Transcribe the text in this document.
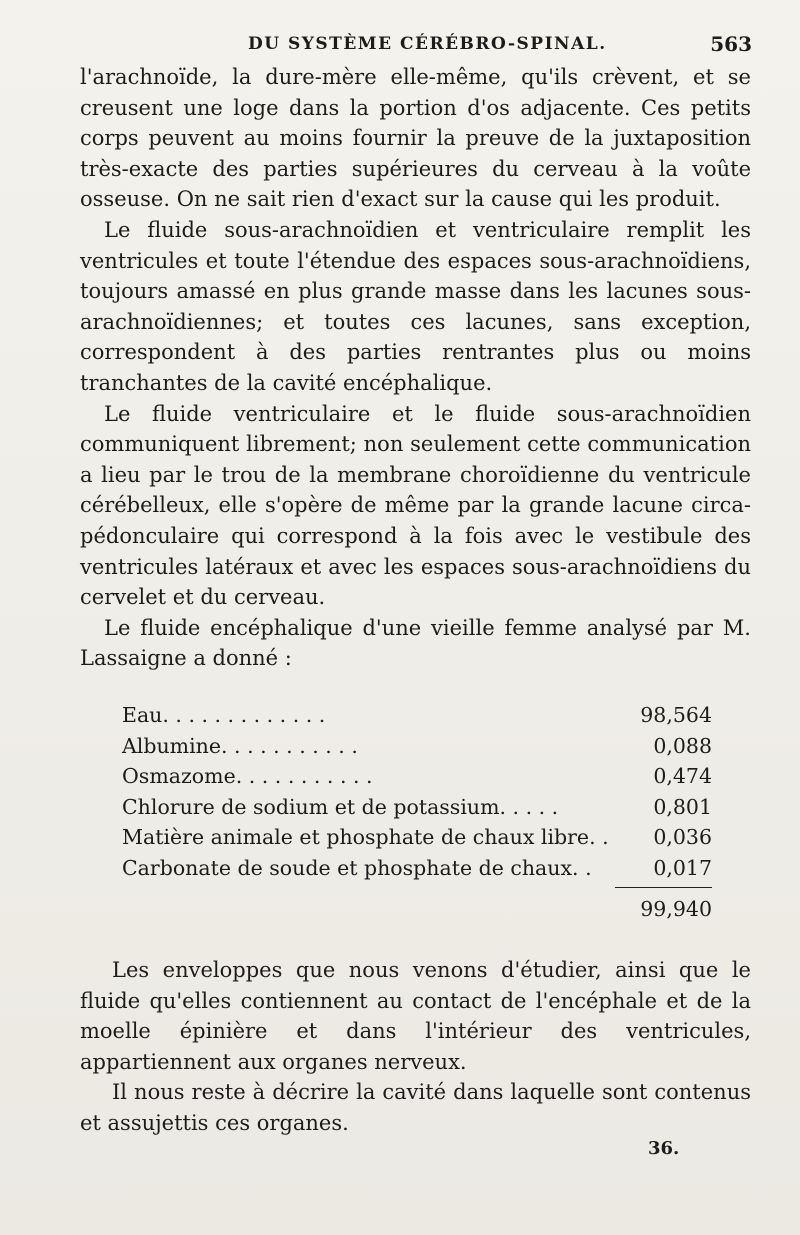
DU SYSTÈME CÉRÉBRO-SPINAL.	563

l'arachnoïde, la dure-mère elle-même, qu'ils crèvent, et se creusent une loge dans la portion d'os adjacente. Ces petits corps peuvent au moins fournir la preuve de la juxtaposition très-exacte des parties supérieures du cerveau à la voûte osseuse. On ne sait rien d'exact sur la cause qui les produit.

Le fluide sous-arachnoïdien et ventriculaire remplit les ventricules et toute l'étendue des espaces sous-arachnoïdiens, toujours amassé en plus grande masse dans les lacunes sous-arachnoïdiennes; et toutes ces lacunes, sans exception, correspondent à des parties rentrantes plus ou moins tranchantes de la cavité encéphalique.

Le fluide ventriculaire et le fluide sous-arachnoïdien communiquent librement; non seulement cette communication a lieu par le trou de la membrane choroïdienne du ventricule cérébelleux, elle s'opère de même par la grande lacune circa-pédonculaire qui correspond à la fois avec le vestibule des ventricules latéraux et avec les espaces sous-arachnoïdiens du cervelet et du cerveau.

Le fluide encéphalique d'une vieille femme analysé par M. Lassaigne a donné :

Eau. . . . . . . . . . . . .	98,564
Albumine. . . . . . . . . . .	0,088
Osmazome. . . . . . . . . . .	0,474
Chlorure de sodium et de potassium. . . . .	0,801
Matière animale et phosphate de chaux libre. . 0,036
Carbonate de soude et phosphate de chaux. .	0,017
99,940

Les enveloppes que nous venons d'étudier, ainsi que le fluide qu'elles contiennent au contact de l'encéphale et de la moelle épinière et dans l'intérieur des ventricules, appartiennent aux organes nerveux.

Il nous reste à décrire la cavité dans laquelle sont contenus et assujettis ces organes.

36.
